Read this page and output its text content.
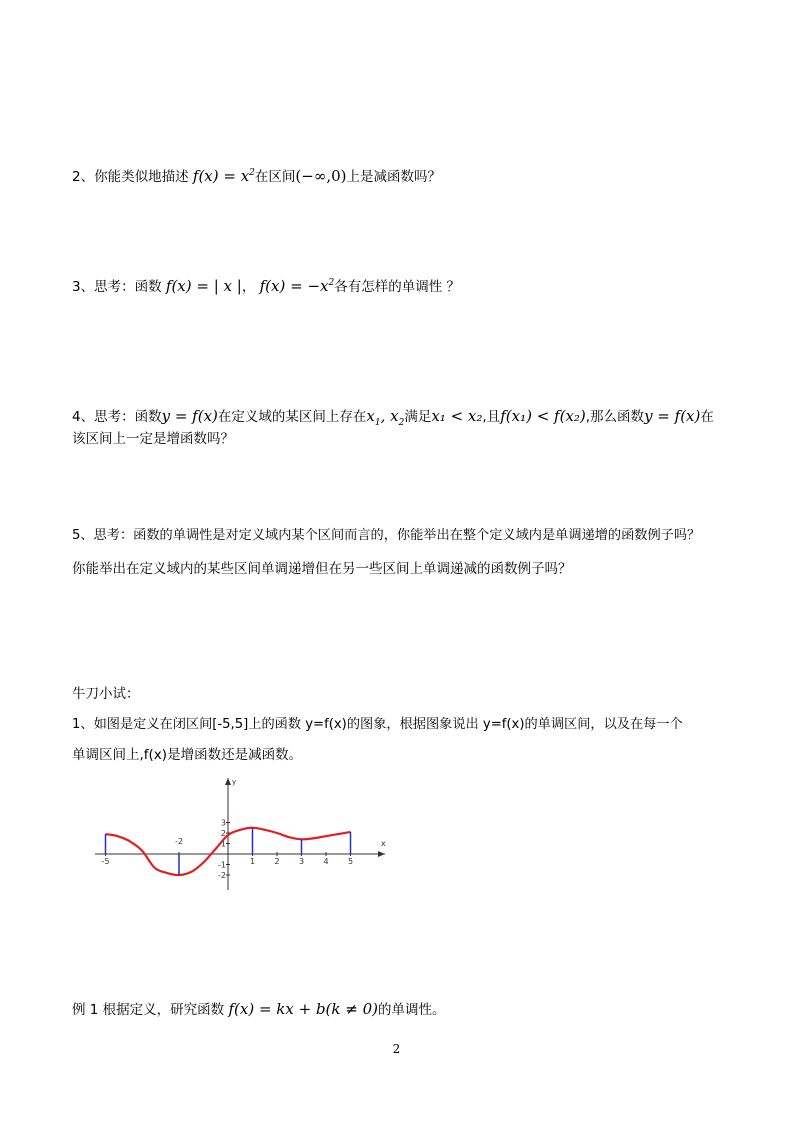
2、你能类似地描述 $f(x) = x^2$在区间(−∞,0)上是减函数吗？
3、思考：函数 f(x) = | x |， $f(x) = -x^2$各有怎样的单调性 ？
4、思考：函数y = f(x)在定义域的某区间上存在$x_1$, $x_2$满足x₁ < x₂,且f(x₁) < f(x₂),那么函数y = f(x)在
该区间上一定是增函数吗？
5、思考：函数的单调性是对定义域内某个区间而言的，你能举出在整个定义域内是单调递增的函数例子吗？
你能举出在定义域内的某些区间单调递增但在另一些区间上单调递减的函数例子吗？
牛刀小试：
1、如图是定义在闭区间[-5,5]上的函数 y=f(x)的图象，根据图象说出 y=f(x)的单调区间，以及在每一个
单调区间上,f(x)是增函数还是减函数。
x
y
-5
-2
1 2 3 4 5
3
2
1
-1
-2
例 1 根据定义，研究函数 f(x) = kx + b(k ≠ 0)的单调性。
2
